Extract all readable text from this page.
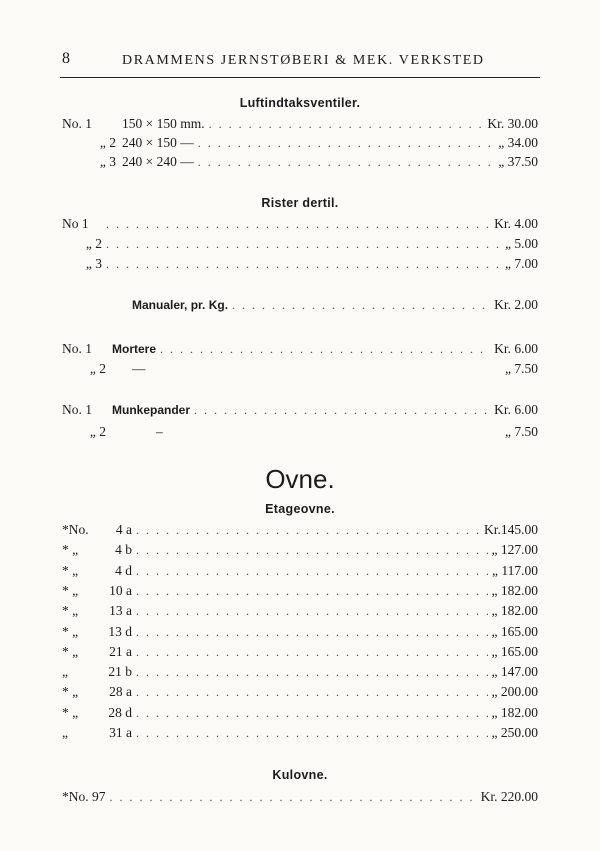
8	DRAMMENS JERNSTØBERI & MEK. VERKSTED
Luftindtaksventiler.
No. 1	150 × 150 mm. . . .	Kr. 30.00
„ 2 240 × 150 — . . .	„ 34.00
„ 3 240 × 240 — . . .	„ 37.50
Rister dertil.
No 1 . . .	Kr. 4.00
„ 2 . . .	„ 5.00
„ 3 . . .	„ 7.00
Manualer, pr. Kg. . . .	Kr. 2.00
No. 1	Mortere . . .	Kr. 6.00
„ 2	—	„ 7.50
No. 1	Munkepander . . .	Kr. 6.00
„ 2	–	„ 7.50
Ovne.
Etageovne.
*No.	4 a . . .	Kr.145.00
* „	4 b . . .	„ 127.00
* „	4 d . . .	„ 117.00
* „	10 a . . .	„ 182.00
* „	13 a . . .	„ 182.00
* „	13 d . . .	„ 165.00
* „	21 a . . .	„ 165.00
„	21 b . . .	„ 147.00
* „	28 a . . .	„ 200.00
* „	28 d . . .	„ 182.00
„	31 a . . .	„ 250.00
Kulovne.
*No. 97 . . .	Kr. 220.00
